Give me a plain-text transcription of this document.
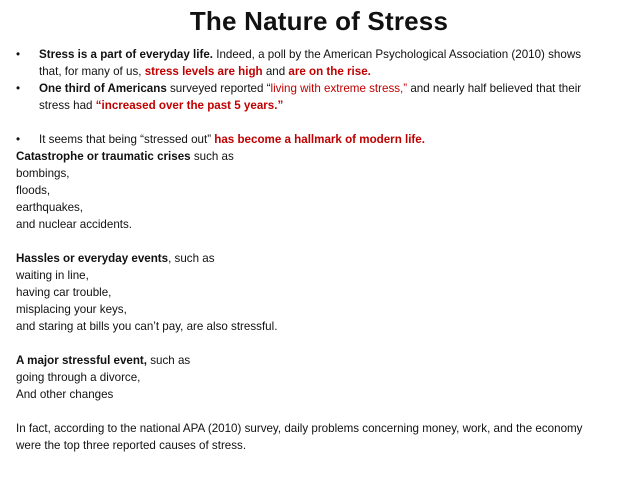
The Nature of Stress
• Stress is a part of everyday life. Indeed, a poll by the American Psychological Association (2010) shows
that, for many of us, stress levels are high and are on the rise.
• One third of Americans surveyed reported “living with extreme stress,” and nearly half believed that their
stress had “increased over the past 5 years.”
• It seems that being “stressed out” has become a hallmark of modern life.
Catastrophe or traumatic crises such as
bombings,
floods,
earthquakes,
and nuclear accidents.
Hassles or everyday events, such as
waiting in line,
having car trouble,
misplacing your keys,
and staring at bills you can’t pay, are also stressful.
A major stressful event, such as
going through a divorce,
And other changes
In fact, according to the national APA (2010) survey, daily problems concerning money, work, and the economy
were the top three reported causes of stress.
